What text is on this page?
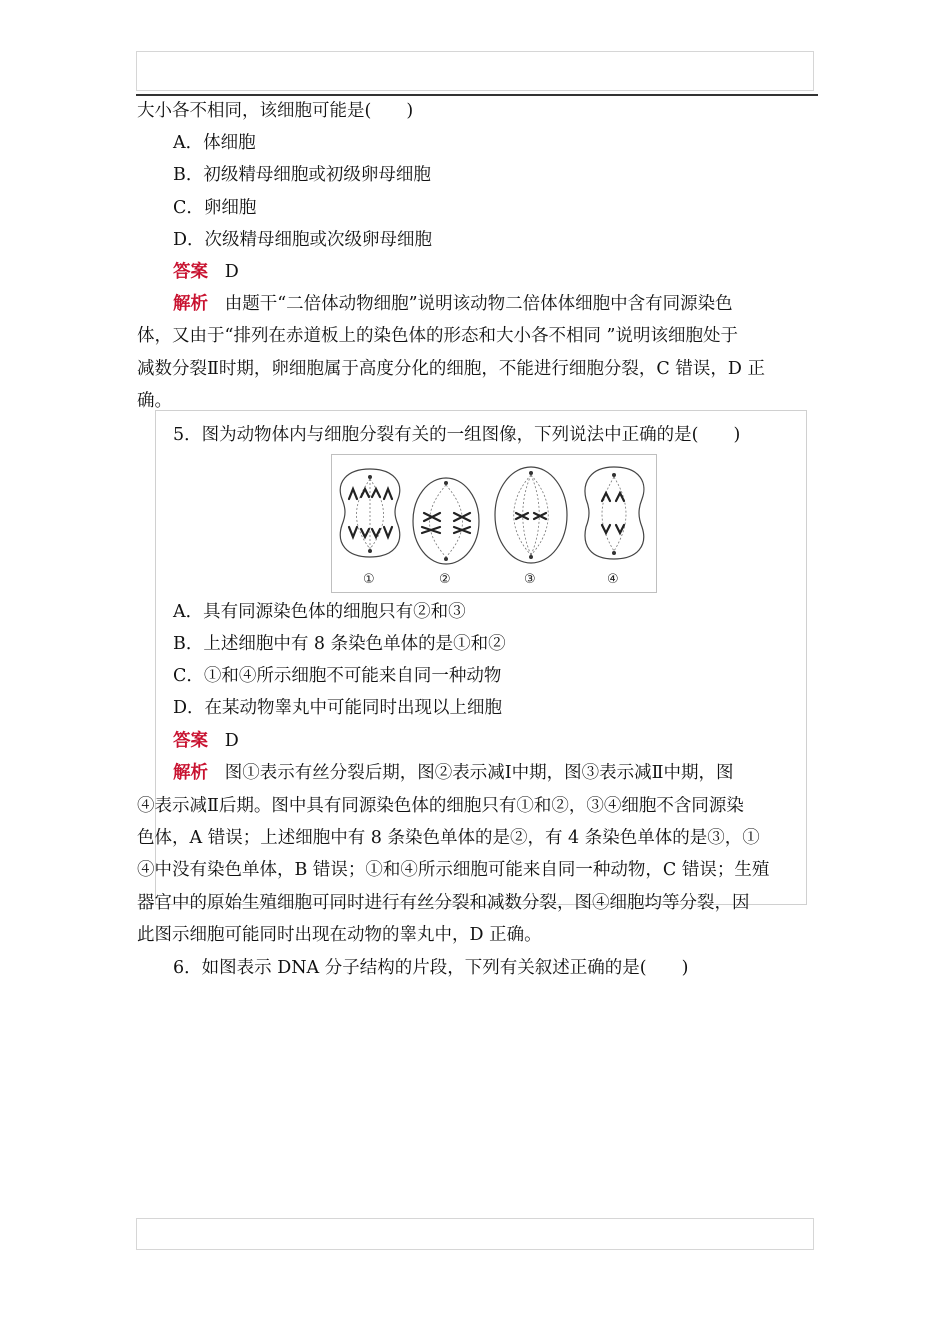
大小各不相同，该细胞可能是(　　)
A．体细胞
B．初级精母细胞或初级卵母细胞
C．卵细胞
D．次级精母细胞或次级卵母细胞
答案 D
解析 由题干“二倍体动物细胞”说明该动物二倍体体细胞中含有同源染色
体，又由于“排列在赤道板上的染色体的形态和大小各不相同 ”说明该细胞处于
减数分裂Ⅱ时期，卵细胞属于高度分化的细胞，不能进行细胞分裂，C 错误，D 正
确。
5．图为动物体内与细胞分裂有关的一组图像，下列说法中正确的是(　　)
①	②	③	④
A．具有同源染色体的细胞只有②和③
B．上述细胞中有 8 条染色单体的是①和②
C．①和④所示细胞不可能来自同一种动物
D．在某动物睾丸中可能同时出现以上细胞
答案 D
解析 图①表示有丝分裂后期，图②表示减Ⅰ中期，图③表示减Ⅱ中期，图
④表示减Ⅱ后期。图中具有同源染色体的细胞只有①和②，③④细胞不含同源染
色体，A 错误；上述细胞中有 8 条染色单体的是②，有 4 条染色单体的是③，①
④中没有染色单体，B 错误；①和④所示细胞可能来自同一种动物，C 错误；生殖
器官中的原始生殖细胞可同时进行有丝分裂和减数分裂，图④细胞均等分裂，因
此图示细胞可能同时出现在动物的睾丸中，D 正确。
6．如图表示 DNA 分子结构的片段，下列有关叙述正确的是(　　)
